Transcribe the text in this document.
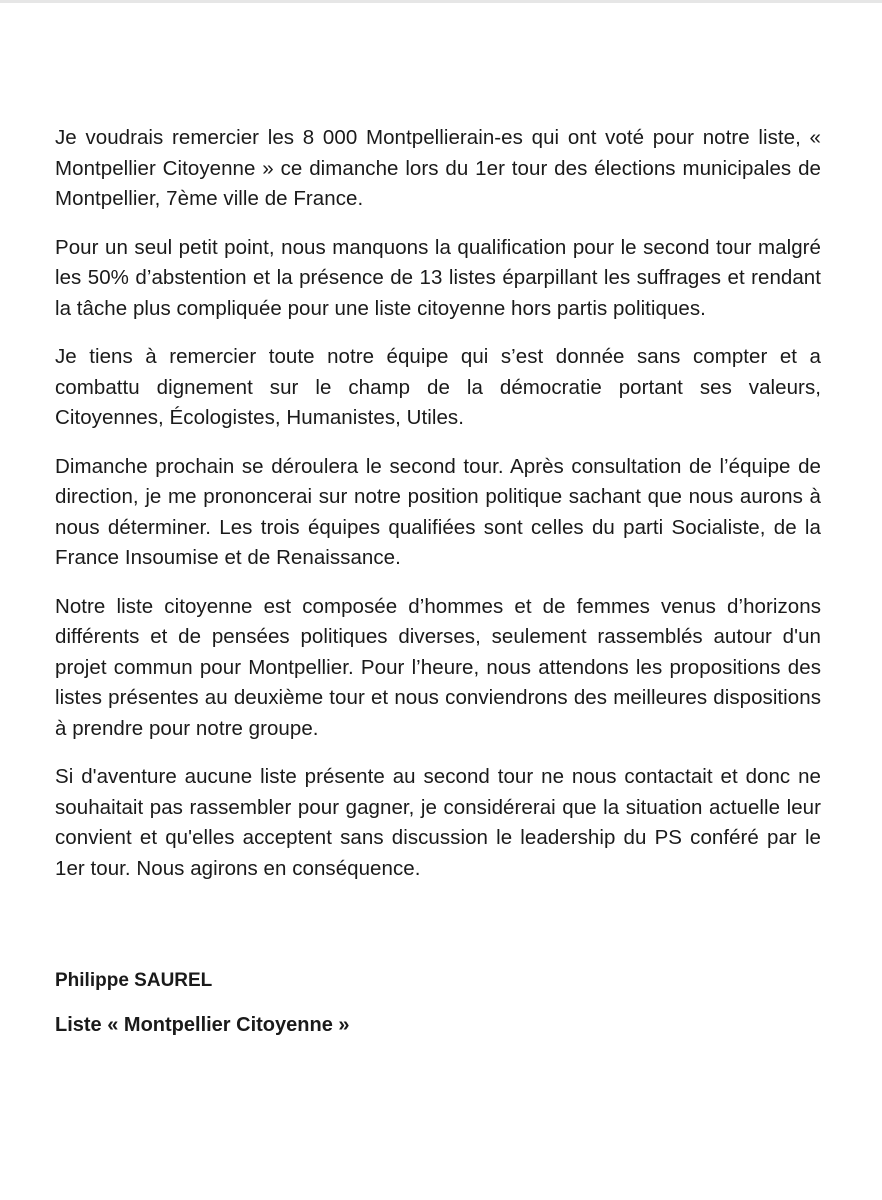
Je voudrais remercier les 8 000 Montpellierain-es qui ont voté pour notre liste, « Montpellier Citoyenne » ce dimanche lors du 1er tour des élections municipales de Montpellier, 7ème ville de France.

Pour un seul petit point, nous manquons la qualification pour le second tour malgré les 50% d’abstention et la présence de 13 listes éparpillant les suffrages et rendant la tâche plus compliquée pour une liste citoyenne hors partis politiques.

Je tiens à remercier toute notre équipe qui s’est donnée sans compter et a combattu dignement sur le champ de la démocratie portant ses valeurs, Citoyennes, Écologistes, Humanistes, Utiles.

Dimanche prochain se déroulera le second tour. Après consultation de l’équipe de direction, je me prononcerai sur notre position politique sachant que nous aurons à nous déterminer. Les trois équipes qualifiées sont celles du parti Socialiste, de la France Insoumise et de Renaissance.

Notre liste citoyenne est composée d’hommes et de femmes venus d’horizons différents et de pensées politiques diverses, seulement rassemblés autour d'un projet commun pour Montpellier. Pour l’heure, nous attendons les propositions des listes présentes au deuxième tour et nous conviendrons des meilleures dispositions à prendre pour notre groupe.

Si d'aventure aucune liste présente au second tour ne nous contactait et donc ne souhaitait pas rassembler pour gagner, je considérerai que la situation actuelle leur convient et qu'elles acceptent sans discussion le leadership du PS conféré par le 1er tour. Nous agirons en conséquence.

Philippe SAUREL

Liste « Montpellier Citoyenne »
